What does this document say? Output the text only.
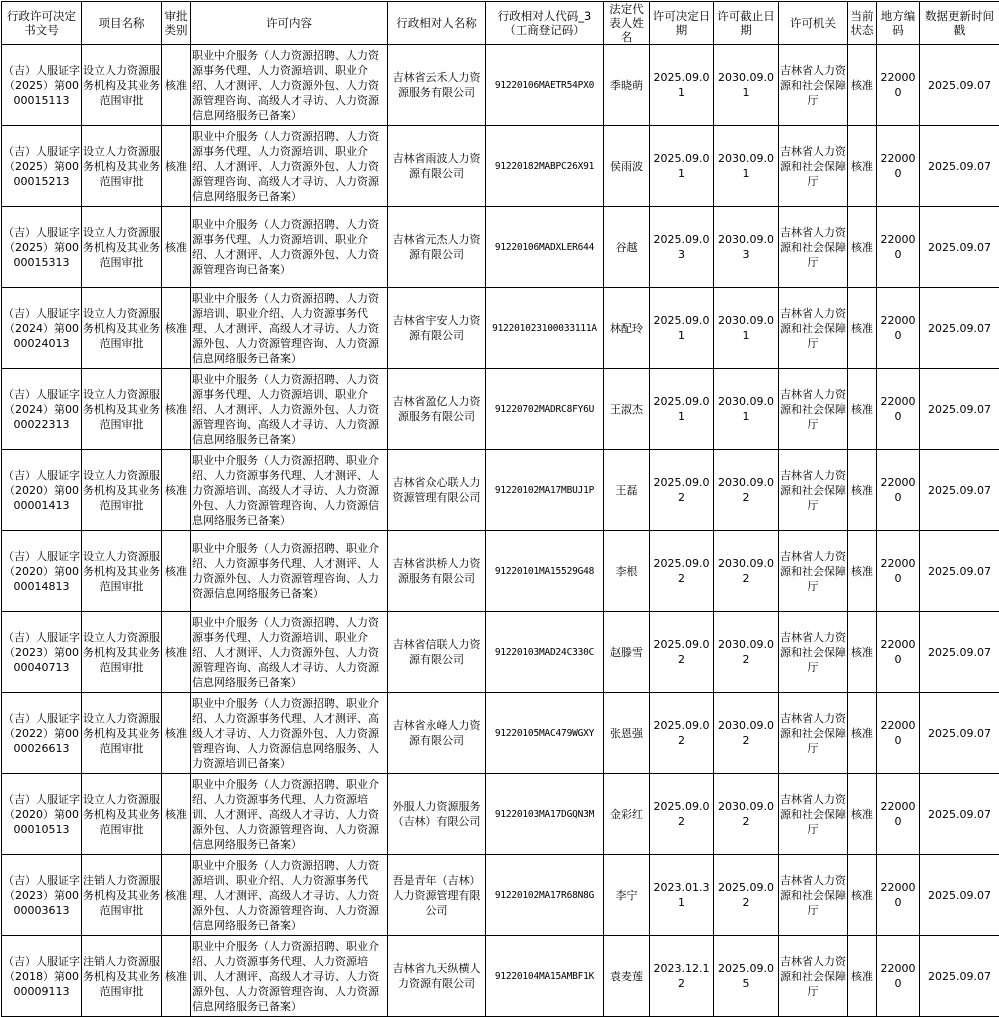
行政许可决定书文号	项目名称	审批类别	许可内容	行政相对人名称	行政相对人代码_3（工商登记码）	法定代表人姓名	许可决定日期	许可截止日期	许可机关	当前状态	地方编码	数据更新时间戳
（吉）人服证字（2025）第0000015113	设立人力资源服务机构及其业务范围审批	核准	职业中介服务（人力资源招聘、人力资源事务代理、人力资源培训、职业介绍、人才测评、人力资源外包、人力资源管理咨询、高级人才寻访、人力资源信息网络服务已备案）	吉林省云禾人力资源服务有限公司	91220106MAETR54PX0	季晓萌	2025.09.01	2030.09.01	吉林省人力资源和社会保障厅	核准	220000	2025.09.07
（吉）人服证字（2025）第0000015213	设立人力资源服务机构及其业务范围审批	核准	职业中介服务（人力资源招聘、人力资源事务代理、人力资源培训、职业介绍、人才测评、人力资源外包、人力资源管理咨询、高级人才寻访、人力资源信息网络服务已备案）	吉林省雨波人力资源有限公司	91220182MABPC26X91	侯雨波	2025.09.01	2030.09.01	吉林省人力资源和社会保障厅	核准	220000	2025.09.07
（吉）人服证字（2025）第0000015313	设立人力资源服务机构及其业务范围审批	核准	职业中介服务（人力资源招聘、人力资源事务代理、人力资源培训、职业介绍、人才测评、人力资源外包、人力资源管理咨询已备案）	吉林省元杰人力资源有限公司	91220106MADXLER644	谷越	2025.09.03	2030.09.03	吉林省人力资源和社会保障厅	核准	220000	2025.09.07
（吉）人服证字（2024）第0000024013	设立人力资源服务机构及其业务范围审批	核准	职业中介服务（人力资源招聘、人力资源培训、职业介绍、人力资源事务代理、人才测评、高级人才寻访、人力资源外包、人力资源管理咨询、人力资源信息网络服务已备案）	吉林省宇安人力资源有限公司	912201023100033111A	林配玲	2025.09.01	2030.09.01	吉林省人力资源和社会保障厅	核准	220000	2025.09.07
（吉）人服证字（2024）第0000022313	设立人力资源服务机构及其业务范围审批	核准	职业中介服务（人力资源招聘、人力资源事务代理、人力资源培训、职业介绍、人才测评、人力资源外包、人力资源管理咨询、高级人才寻访、人力资源信息网络服务已备案）	吉林省盈亿人力资源服务有限公司	91220702MADRC8FY6U	王淑杰	2025.09.01	2030.09.01	吉林省人力资源和社会保障厅	核准	220000	2025.09.07
（吉）人服证字（2020）第0000001413	设立人力资源服务机构及其业务范围审批	核准	职业中介服务（人力资源招聘、职业介绍、人力资源事务代理、人才测评、人力资源培训、高级人才寻访、人力资源外包、人力资源管理咨询、人力资源信息网络服务已备案）	吉林省众心联人力资源管理有限公司	91220102MA17MBUJ1P	王磊	2025.09.02	2030.09.02	吉林省人力资源和社会保障厅	核准	220000	2025.09.07
（吉）人服证字（2020）第0000014813	设立人力资源服务机构及其业务范围审批	核准	职业中介服务（人力资源招聘、职业介绍、人力资源事务代理、人才测评、人力资源外包、人力资源管理咨询、人力资源信息网络服务已备案）	吉林省洪桥人力资源服务有限公司	91220101MA15529G48	李根	2025.09.02	2030.09.02	吉林省人力资源和社会保障厅	核准	220000	2025.09.07
（吉）人服证字（2023）第0000040713	设立人力资源服务机构及其业务范围审批	核准	职业中介服务（人力资源招聘、人力资源事务代理、人力资源培训、职业介绍、人才测评、人力资源外包、人力资源管理咨询、高级人才寻访、人力资源信息网络服务已备案）	吉林省信联人力资源有限公司	91220103MAD24C330C	赵滕雪	2025.09.02	2030.09.02	吉林省人力资源和社会保障厅	核准	220000	2025.09.07
（吉）人服证字（2022）第0000026613	设立人力资源服务机构及其业务范围审批	核准	职业中介服务（人力资源招聘、职业介绍、人力资源事务代理、人才测评、高级人才寻访、人力资源外包、人力资源管理咨询、人力资源信息网络服务、人力资源培训已备案）	吉林省永峰人力资源有限公司	91220105MAC479WGXY	张恩强	2025.09.02	2030.09.02	吉林省人力资源和社会保障厅	核准	220000	2025.09.07
（吉）人服证字（2020）第0000010513	设立人力资源服务机构及其业务范围审批	核准	职业中介服务（人力资源招聘、职业介绍、人力资源事务代理、人力资源培训、人才测评、高级人才寻访、人力资源外包、人力资源管理咨询、人力资源信息网络服务已备案）	外服人力资源服务（吉林）有限公司	91220103MA17DGQN3M	金彩红	2025.09.02	2030.09.02	吉林省人力资源和社会保障厅	核准	220000	2025.09.07
（吉）人服证字（2023）第0000003613	注销人力资源服务机构及其业务范围审批	核准	职业中介服务（人力资源招聘、人力资源培训、职业介绍、人力资源事务代理、人才测评、高级人才寻访、人力资源外包、人力资源管理咨询、人力资源信息网络服务已备案）	吾是青年（吉林）人力资源管理有限公司	91220102MA17R68N8G	李宁	2023.01.31	2025.09.02	吉林省人力资源和社会保障厅	核准	220000	2025.09.07
（吉）人服证字（2018）第0000009113	注销人力资源服务机构及其业务范围审批	核准	职业中介服务（人力资源招聘、职业介绍、人力资源事务代理、人力资源培训、人才测评、高级人才寻访、人力资源外包、人力资源管理咨询、人力资源信息网络服务已备案）	吉林省九天纵横人力资源有限公司	91220104MA15AMBF1K	袁麦莲	2023.12.12	2025.09.05	吉林省人力资源和社会保障厅	核准	220000	2025.09.07
